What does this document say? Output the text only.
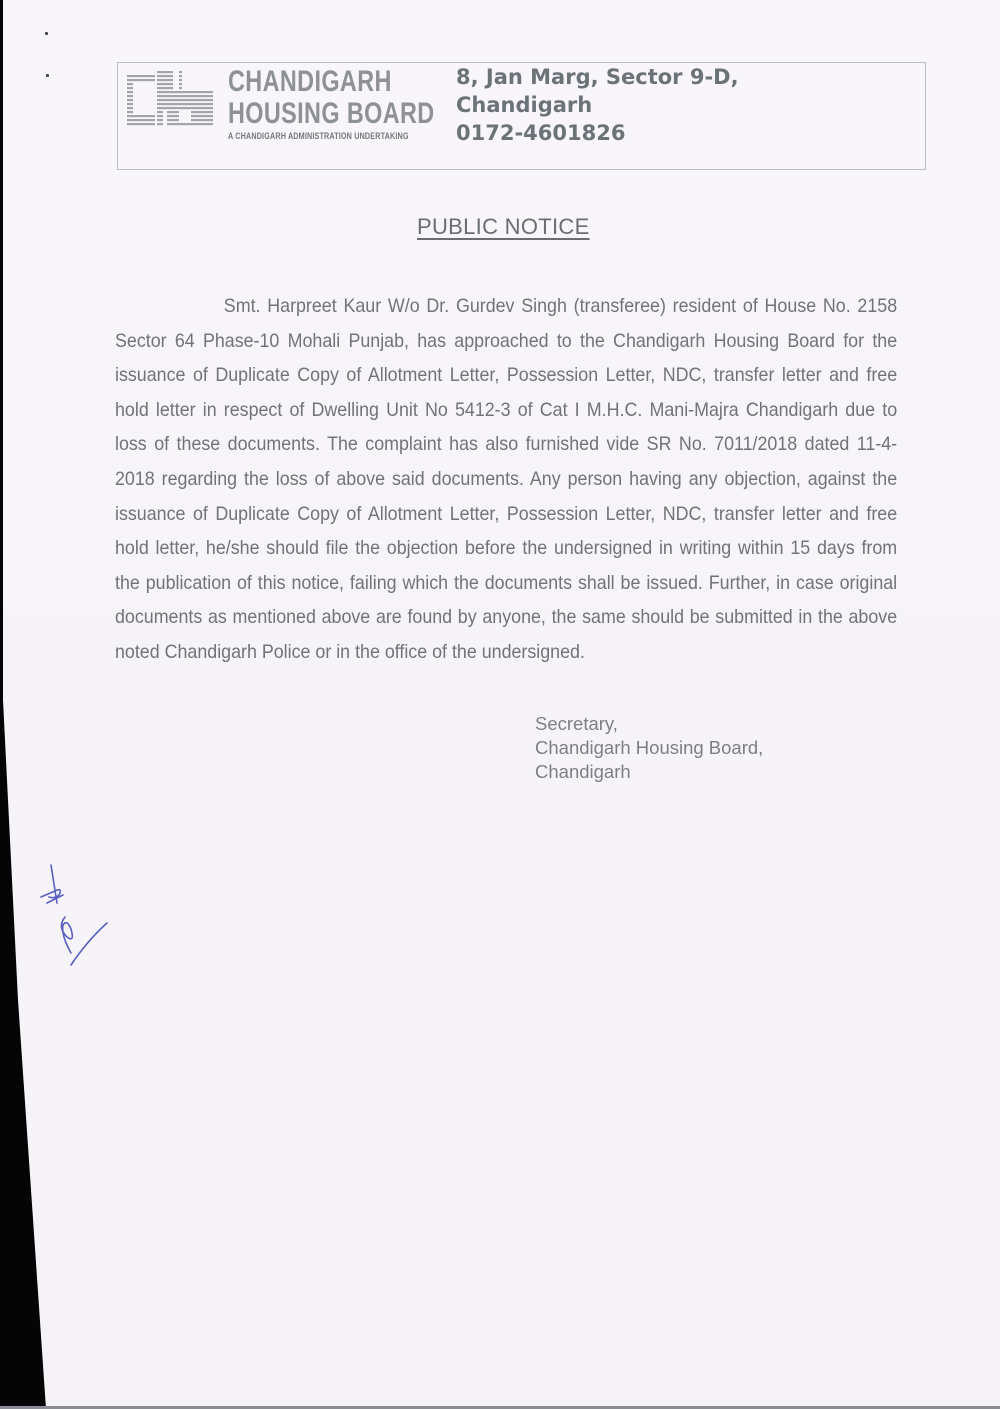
CHANDIGARH
HOUSING BOARD
A CHANDIGARH ADMINISTRATION UNDERTAKING
8, Jan Marg, Sector 9-D,
Chandigarh
0172-4601826
PUBLIC NOTICE

Smt. Harpreet Kaur W/o Dr. Gurdev Singh (transferee) resident of House No. 2158 Sector 64 Phase-10 Mohali Punjab, has approached to the Chandigarh Housing Board for the issuance of Duplicate Copy of Allotment Letter, Possession Letter, NDC, transfer letter and free hold letter in respect of Dwelling Unit No 5412-3 of Cat I M.H.C. Mani-Majra Chandigarh due to loss of these documents. The complaint has also furnished vide SR No. 7011/2018 dated 11-4-2018 regarding the loss of above said documents. Any person having any objection, against the issuance of Duplicate Copy of Allotment Letter, Possession Letter, NDC, transfer letter and free hold letter, he/she should file the objection before the undersigned in writing within 15 days from the publication of this notice, failing which the documents shall be issued. Further, in case original documents as mentioned above are found by anyone, the same should be submitted in the above noted Chandigarh Police or in the office of the undersigned.

Secretary,
Chandigarh Housing Board,
Chandigarh
